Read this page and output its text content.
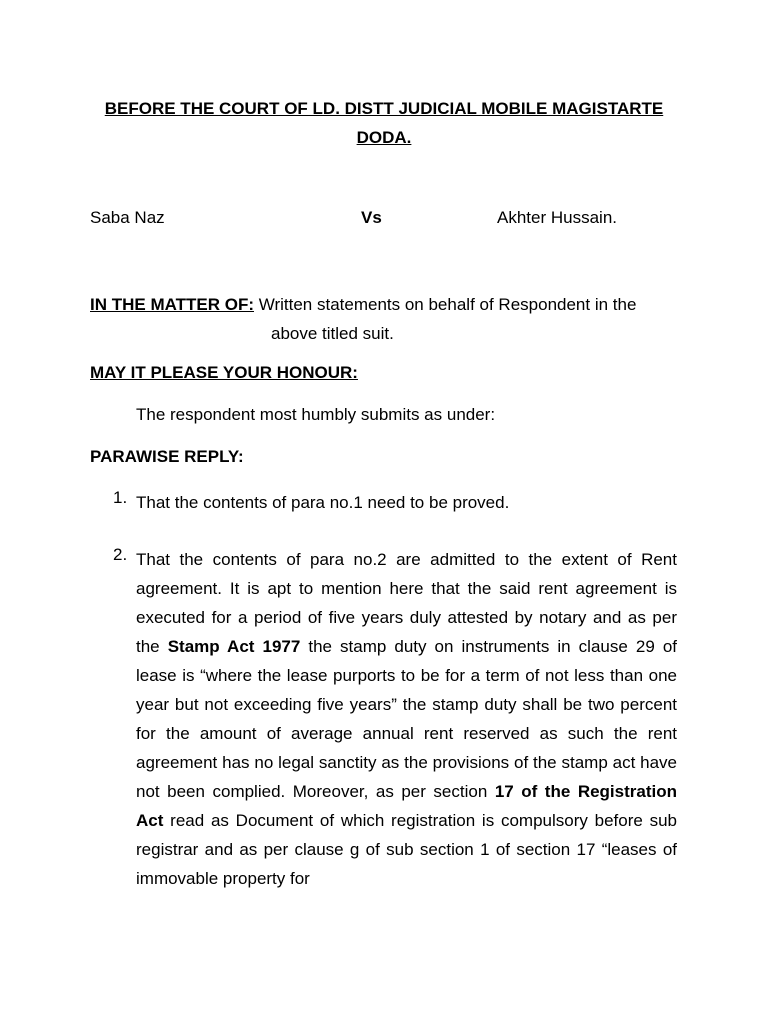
BEFORE THE COURT OF LD. DISTT JUDICIAL MOBILE MAGISTARTE
DODA.
Saba Naz	Vs	Akhter Hussain.
IN THE MATTER OF: Written statements on behalf of Respondent in the
above titled suit.
MAY IT PLEASE YOUR HONOUR:
The respondent most humbly submits as under:
PARAWISE REPLY:
1. That the contents of para no.1 need to be proved.
2. That the contents of para no.2 are admitted to the extent of Rent agreement. It is apt to mention here that the said rent agreement is executed for a period of five years duly attested by notary and as per the Stamp Act 1977 the stamp duty on instruments in clause 29 of lease is “where the lease purports to be for a term of not less than one year but not exceeding five years” the stamp duty shall be two percent for the amount of average annual rent reserved as such the rent agreement has no legal sanctity as the provisions of the stamp act have not been complied. Moreover, as per section 17 of the Registration Act read as Document of which registration is compulsory before sub registrar and as per clause g of sub section 1 of section 17 “leases of immovable property for
